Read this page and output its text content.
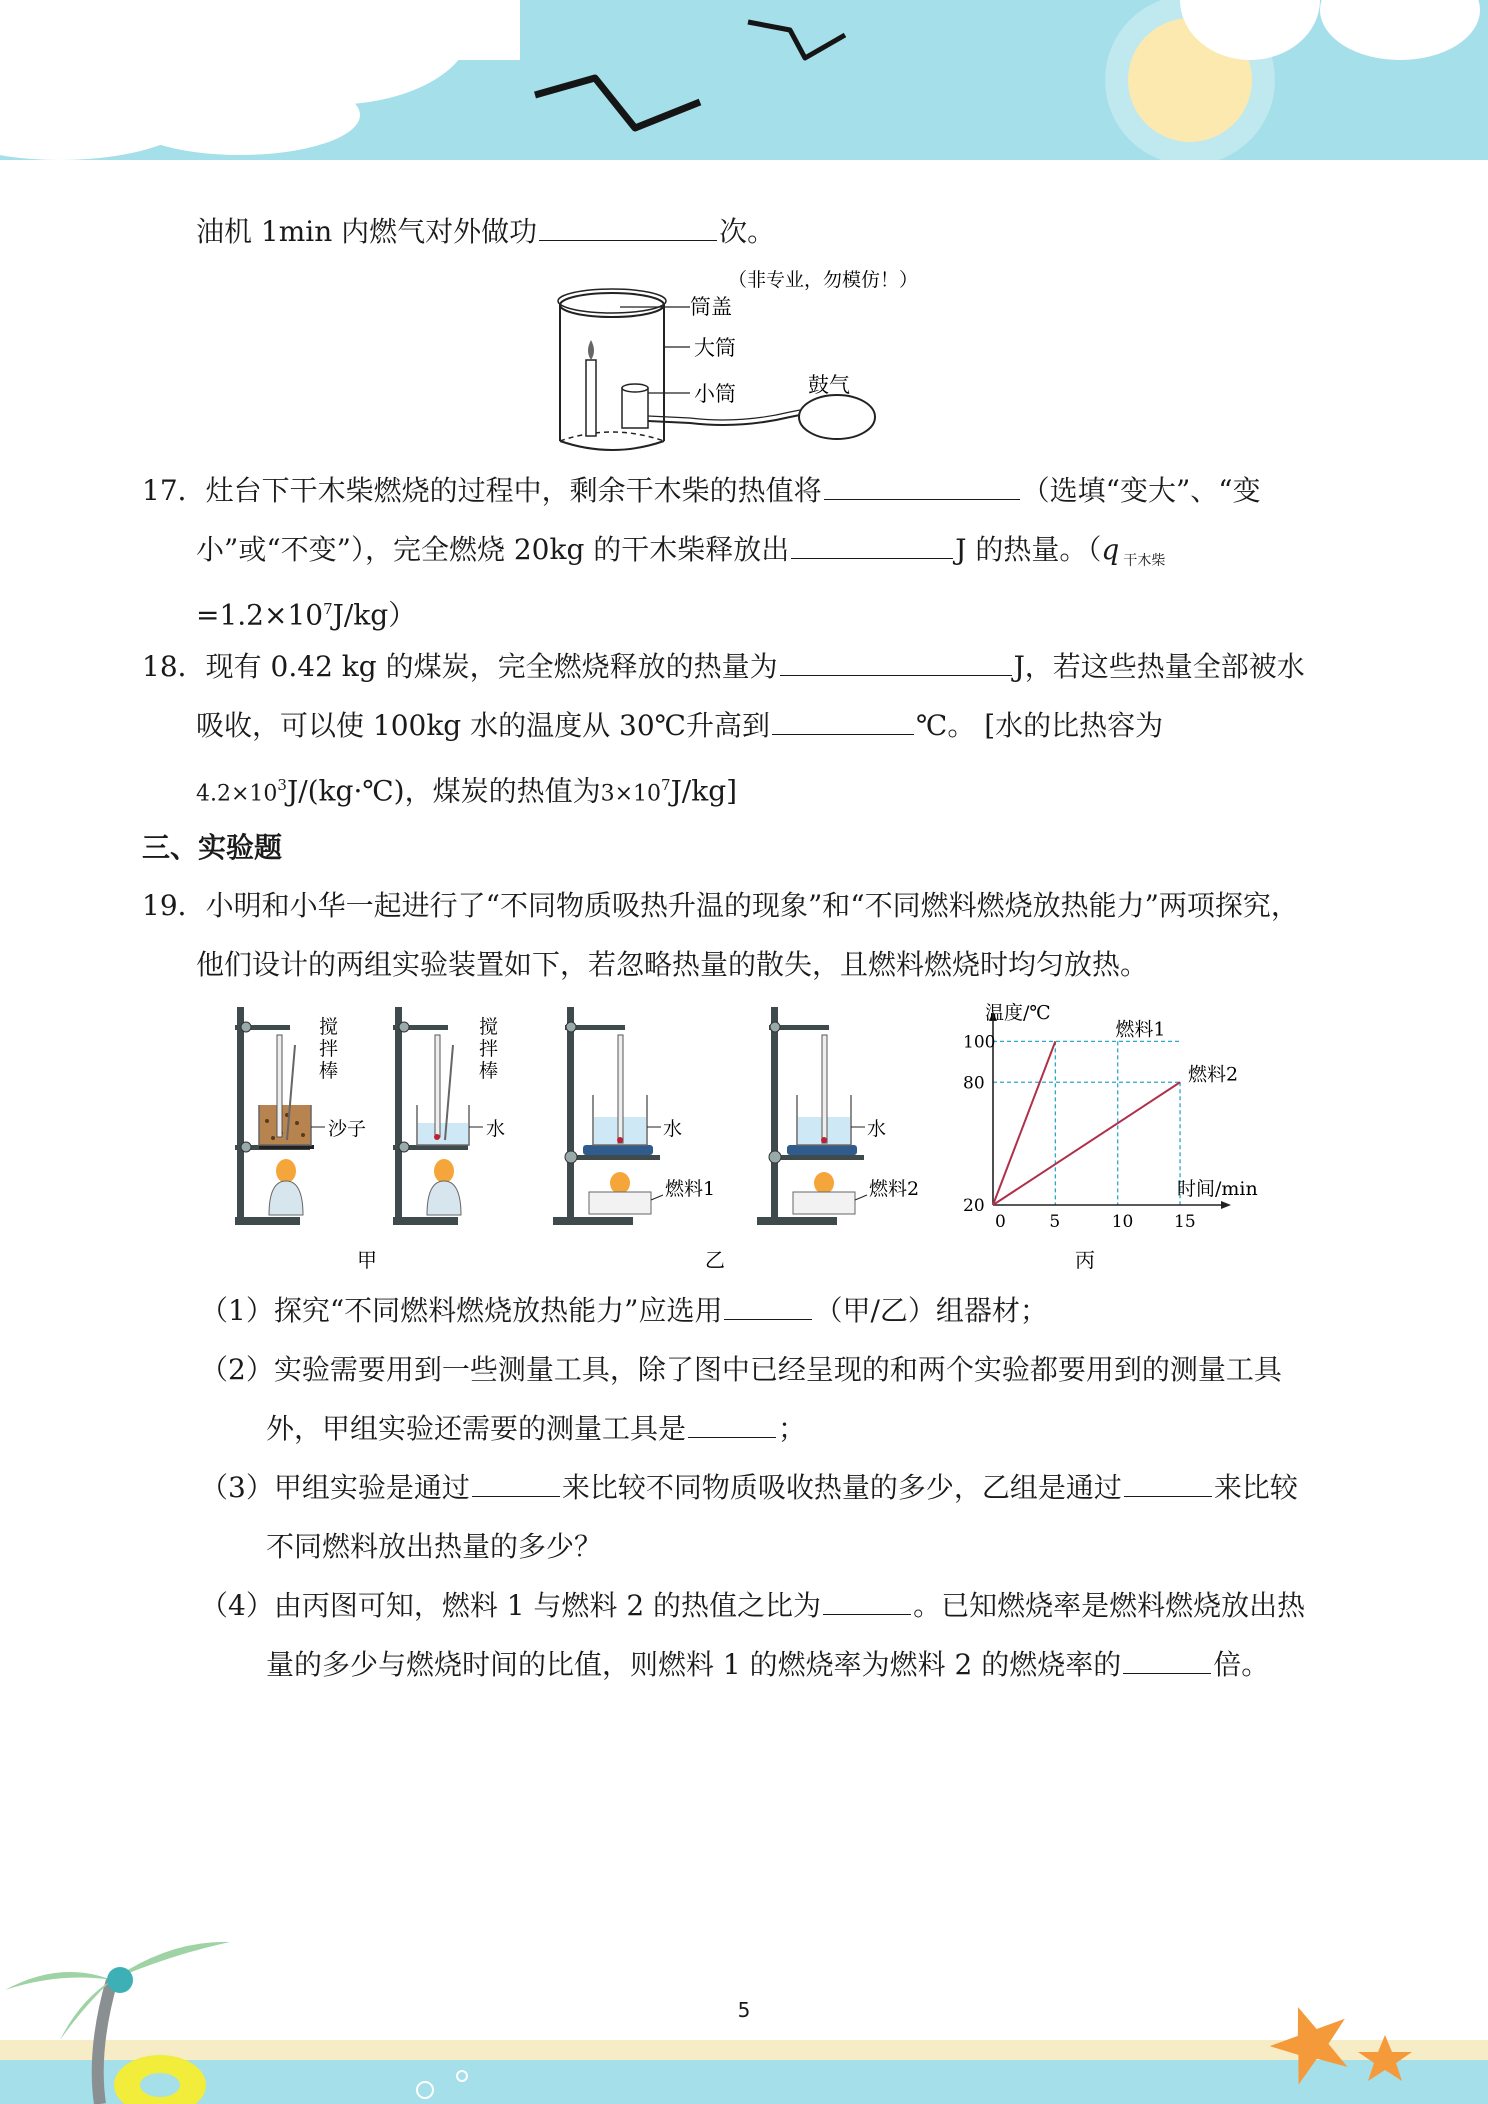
油机 1min 内燃气对外做功	次。
（非专业，勿模仿！）
筒盖
大筒
小筒	鼓气
17．灶台下干木柴燃烧的过程中，剩余干木柴的热值将	（选填“变大”、“变
小”或“不变”），完全燃烧 20kg 的干木柴释放出	J 的热量。（q $_{干木柴}$
$=1.2\times 10^7J/kg$）
18．现有 0.42 kg 的煤炭，完全燃烧释放的热量为	J，若这些热量全部被水
吸收，可以使 100kg 水的温度从 30℃升高到	℃。 [水的比热容为
$4.2\times 10^3J/(kg\cdot℃)$，煤炭的热值为$3\times 10^7J/kg$]
三、实验题
19．小明和小华一起进行了“不同物质吸热升温的现象”和“不同燃料燃烧放热能力”两项探究，
他们设计的两组实验装置如下，若忽略热量的散失，且燃料燃烧时均匀放热。
沙子
搅拌棒
水
搅拌棒
水
燃料1
水
燃料2
甲	乙
0	5	10 15
20
80
100
温度/℃
时间/min
燃料1
燃料2
丙
（1）探究“不同燃料燃烧放热能力”应选用	（甲/乙）组器材；
（2）实验需要用到一些测量工具，除了图中已经呈现的和两个实验都要用到的测量工具
外，甲组实验还需要的测量工具是	；
（3）甲组实验是通过	来比较不同物质吸收热量的多少，乙组是通过	来比较
不同燃料放出热量的多少？
（4）由丙图可知，燃料 1 与燃料 2 的热值之比为	。已知燃烧率是燃料燃烧放出热
量的多少与燃烧时间的比值，则燃料 1 的燃烧率为燃料 2 的燃烧率的	倍。
5
